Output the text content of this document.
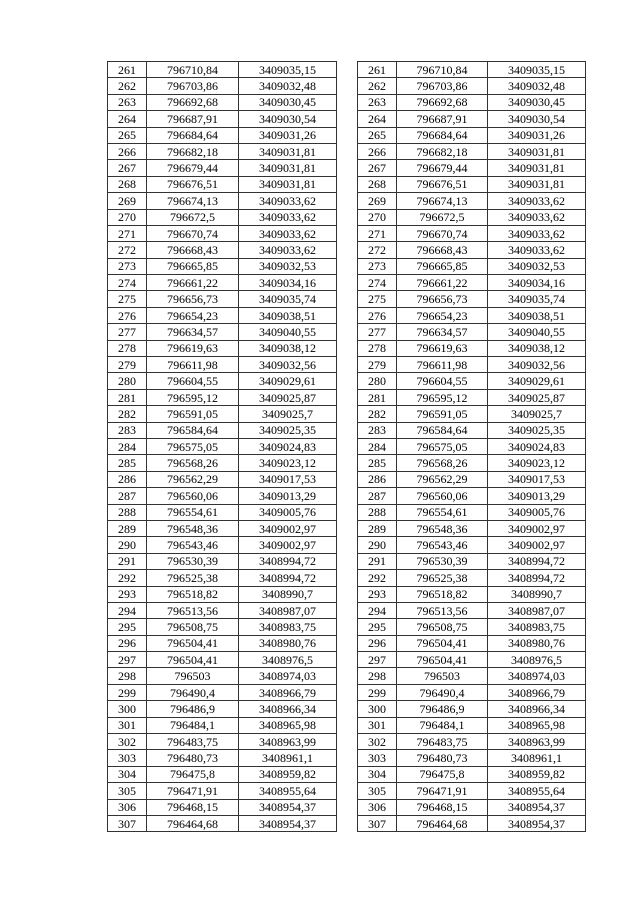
261	796710,84	3409035,15
262	796703,86	3409032,48
263	796692,68	3409030,45
264	796687,91	3409030,54
265	796684,64	3409031,26
266	796682,18	3409031,81
267	796679,44	3409031,81
268	796676,51	3409031,81
269	796674,13	3409033,62
270	796672,5	3409033,62
271	796670,74	3409033,62
272	796668,43	3409033,62
273	796665,85	3409032,53
274	796661,22	3409034,16
275	796656,73	3409035,74
276	796654,23	3409038,51
277	796634,57	3409040,55
278	796619,63	3409038,12
279	796611,98	3409032,56
280	796604,55	3409029,61
281	796595,12	3409025,87
282	796591,05	3409025,7
283	796584,64	3409025,35
284	796575,05	3409024,83
285	796568,26	3409023,12
286	796562,29	3409017,53
287	796560,06	3409013,29
288	796554,61	3409005,76
289	796548,36	3409002,97
290	796543,46	3409002,97
291	796530,39	3408994,72
292	796525,38	3408994,72
293	796518,82	3408990,7
294	796513,56	3408987,07
295	796508,75	3408983,75
296	796504,41	3408980,76
297	796504,41	3408976,5
298	796503	3408974,03
299	796490,4	3408966,79
300	796486,9	3408966,34
301	796484,1	3408965,98
302	796483,75	3408963,99
303	796480,73	3408961,1
304	796475,8	3408959,82
305	796471,91	3408955,64
306	796468,15	3408954,37
307	796464,68	3408954,37
261	796710,84	3409035,15
262	796703,86	3409032,48
263	796692,68	3409030,45
264	796687,91	3409030,54
265	796684,64	3409031,26
266	796682,18	3409031,81
267	796679,44	3409031,81
268	796676,51	3409031,81
269	796674,13	3409033,62
270	796672,5	3409033,62
271	796670,74	3409033,62
272	796668,43	3409033,62
273	796665,85	3409032,53
274	796661,22	3409034,16
275	796656,73	3409035,74
276	796654,23	3409038,51
277	796634,57	3409040,55
278	796619,63	3409038,12
279	796611,98	3409032,56
280	796604,55	3409029,61
281	796595,12	3409025,87
282	796591,05	3409025,7
283	796584,64	3409025,35
284	796575,05	3409024,83
285	796568,26	3409023,12
286	796562,29	3409017,53
287	796560,06	3409013,29
288	796554,61	3409005,76
289	796548,36	3409002,97
290	796543,46	3409002,97
291	796530,39	3408994,72
292	796525,38	3408994,72
293	796518,82	3408990,7
294	796513,56	3408987,07
295	796508,75	3408983,75
296	796504,41	3408980,76
297	796504,41	3408976,5
298	796503	3408974,03
299	796490,4	3408966,79
300	796486,9	3408966,34
301	796484,1	3408965,98
302	796483,75	3408963,99
303	796480,73	3408961,1
304	796475,8	3408959,82
305	796471,91	3408955,64
306	796468,15	3408954,37
307	796464,68	3408954,37
